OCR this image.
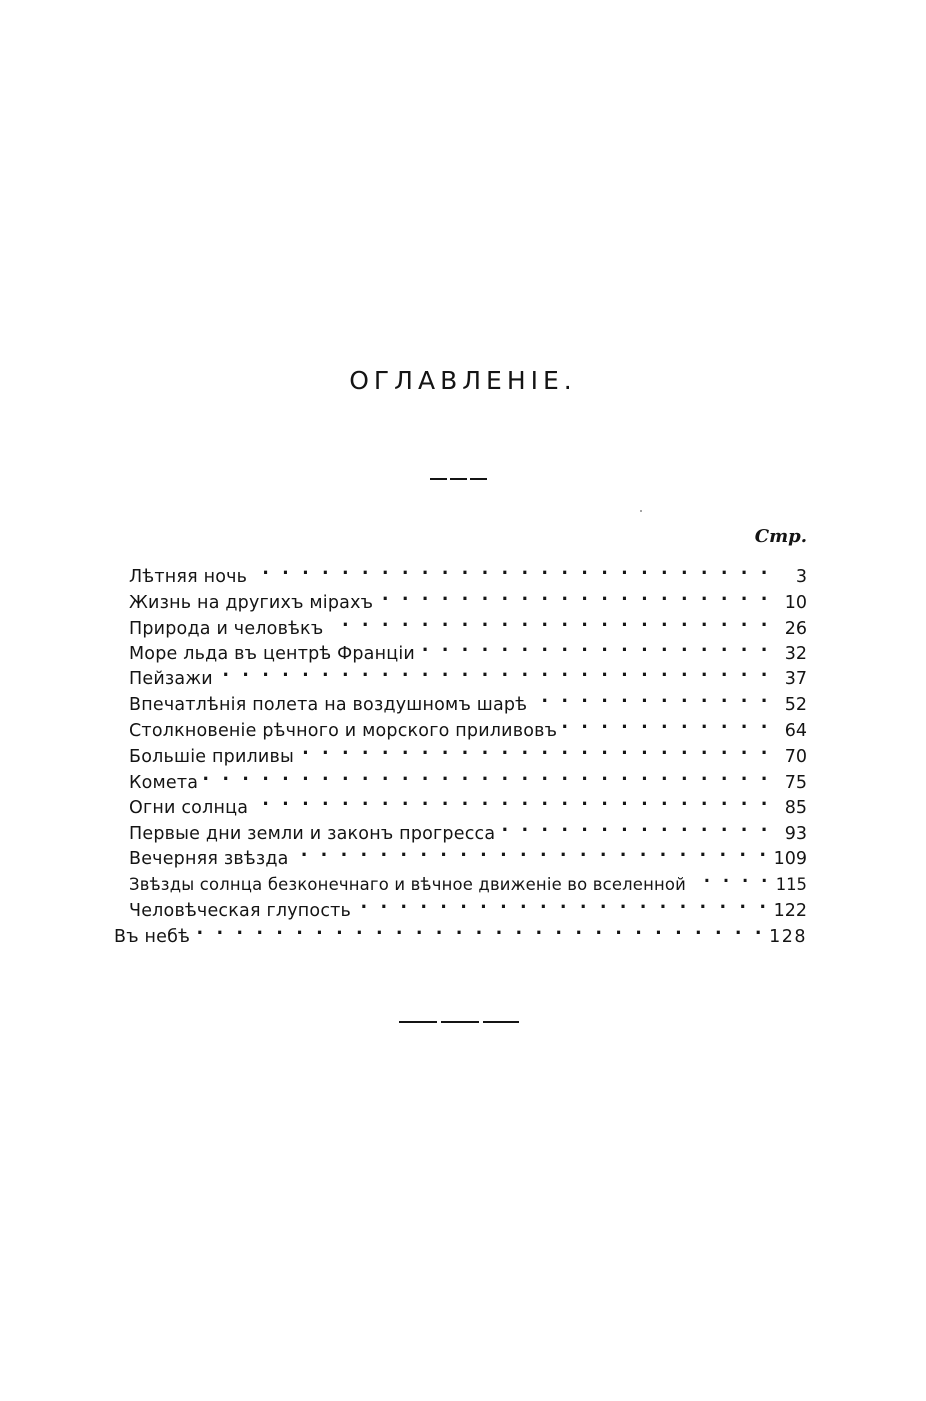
ОГЛАВЛЕНIЕ.
Стр.
Лѣтняя ночь . . .	3
Жизнь на другихъ мiрахъ . . .	10
Природа и человѣкъ . . .	26
Море льда въ центрѣ Францiи . . .	32
Пейзажи . . .	37
Впечатлѣнiя полета на воздушномъ шарѣ . . .	52
Столкновенiе рѣчного и морского приливовъ . . .	64
Большiе приливы . . .	70
Комета . . .	75
Огни солнца . . .	85
Первые дни земли и законъ прогресса . . .	93
Вечерняя звѣзда . . .	109
Звѣзды солнца безконечнаго и вѣчное движенiе во вселенной . . .	115
Человѣческая глупость . . .	122
Въ небѣ . . .	128
